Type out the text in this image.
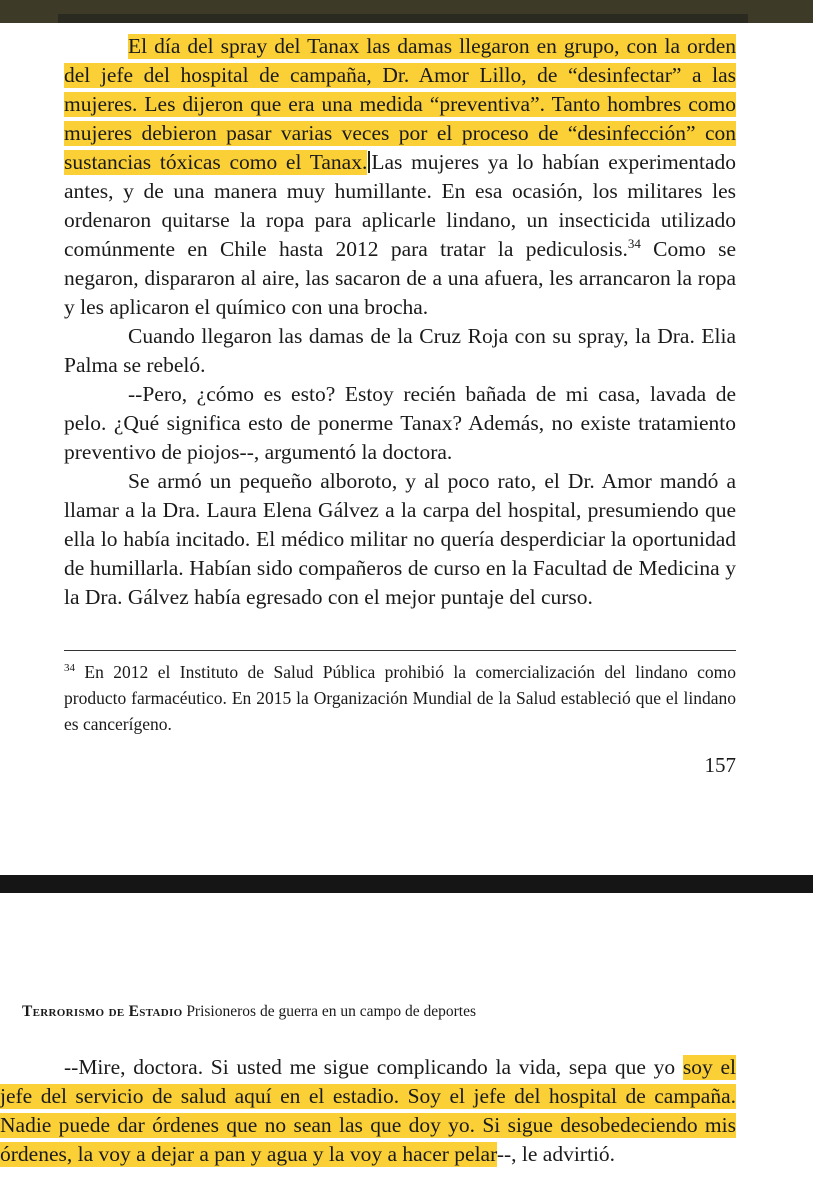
El día del spray del Tanax las damas llegaron en grupo, con la orden del jefe del hospital de campaña, Dr. Amor Lillo, de “desinfectar” a las mujeres. Les dijeron que era una medida “preventiva”. Tanto hombres como mujeres debieron pasar varias veces por el proceso de “desinfección” con sustancias tóxicas como el Tanax. Las mujeres ya lo habían experimentado antes, y de una manera muy humillante. En esa ocasión, los militares les ordenaron quitarse la ropa para aplicarle lindano, un insecticida utilizado comúnmente en Chile hasta 2012 para tratar la pediculosis.$^{34}$ Como se negaron, dispararon al aire, las sacaron de a una afuera, les arrancaron la ropa y les aplicaron el químico con una brocha.

Cuando llegaron las damas de la Cruz Roja con su spray, la Dra. Elia Palma se rebeló.

--Pero, ¿cómo es esto? Estoy recién bañada de mi casa, lavada de pelo. ¿Qué significa esto de ponerme Tanax? Además, no existe tratamiento preventivo de piojos--, argumentó la doctora.

Se armó un pequeño alboroto, y al poco rato, el Dr. Amor mandó a llamar a la Dra. Laura Elena Gálvez a la carpa del hospital, presumiendo que ella lo había incitado. El médico militar no quería desperdiciar la oportunidad de humillarla. Habían sido compañeros de curso en la Facultad de Medicina y la Dra. Gálvez había egresado con el mejor puntaje del curso.

$^{34}$ En 2012 el Instituto de Salud Pública prohibió la comercialización del lindano como producto farmacéutico. En 2015 la Organización Mundial de la Salud estableció que el lindano es cancerígeno.

157
Terrorismo de Estadio Prisioneros de guerra en un campo de deportes

--Mire, doctora. Si usted me sigue complicando la vida, sepa que yo soy el jefe del servicio de salud aquí en el estadio. Soy el jefe del hospital de campaña. Nadie puede dar órdenes que no sean las que doy yo. Si sigue desobedeciendo mis órdenes, la voy a dejar a pan y agua y la voy a hacer pelar--, le advirtió.
